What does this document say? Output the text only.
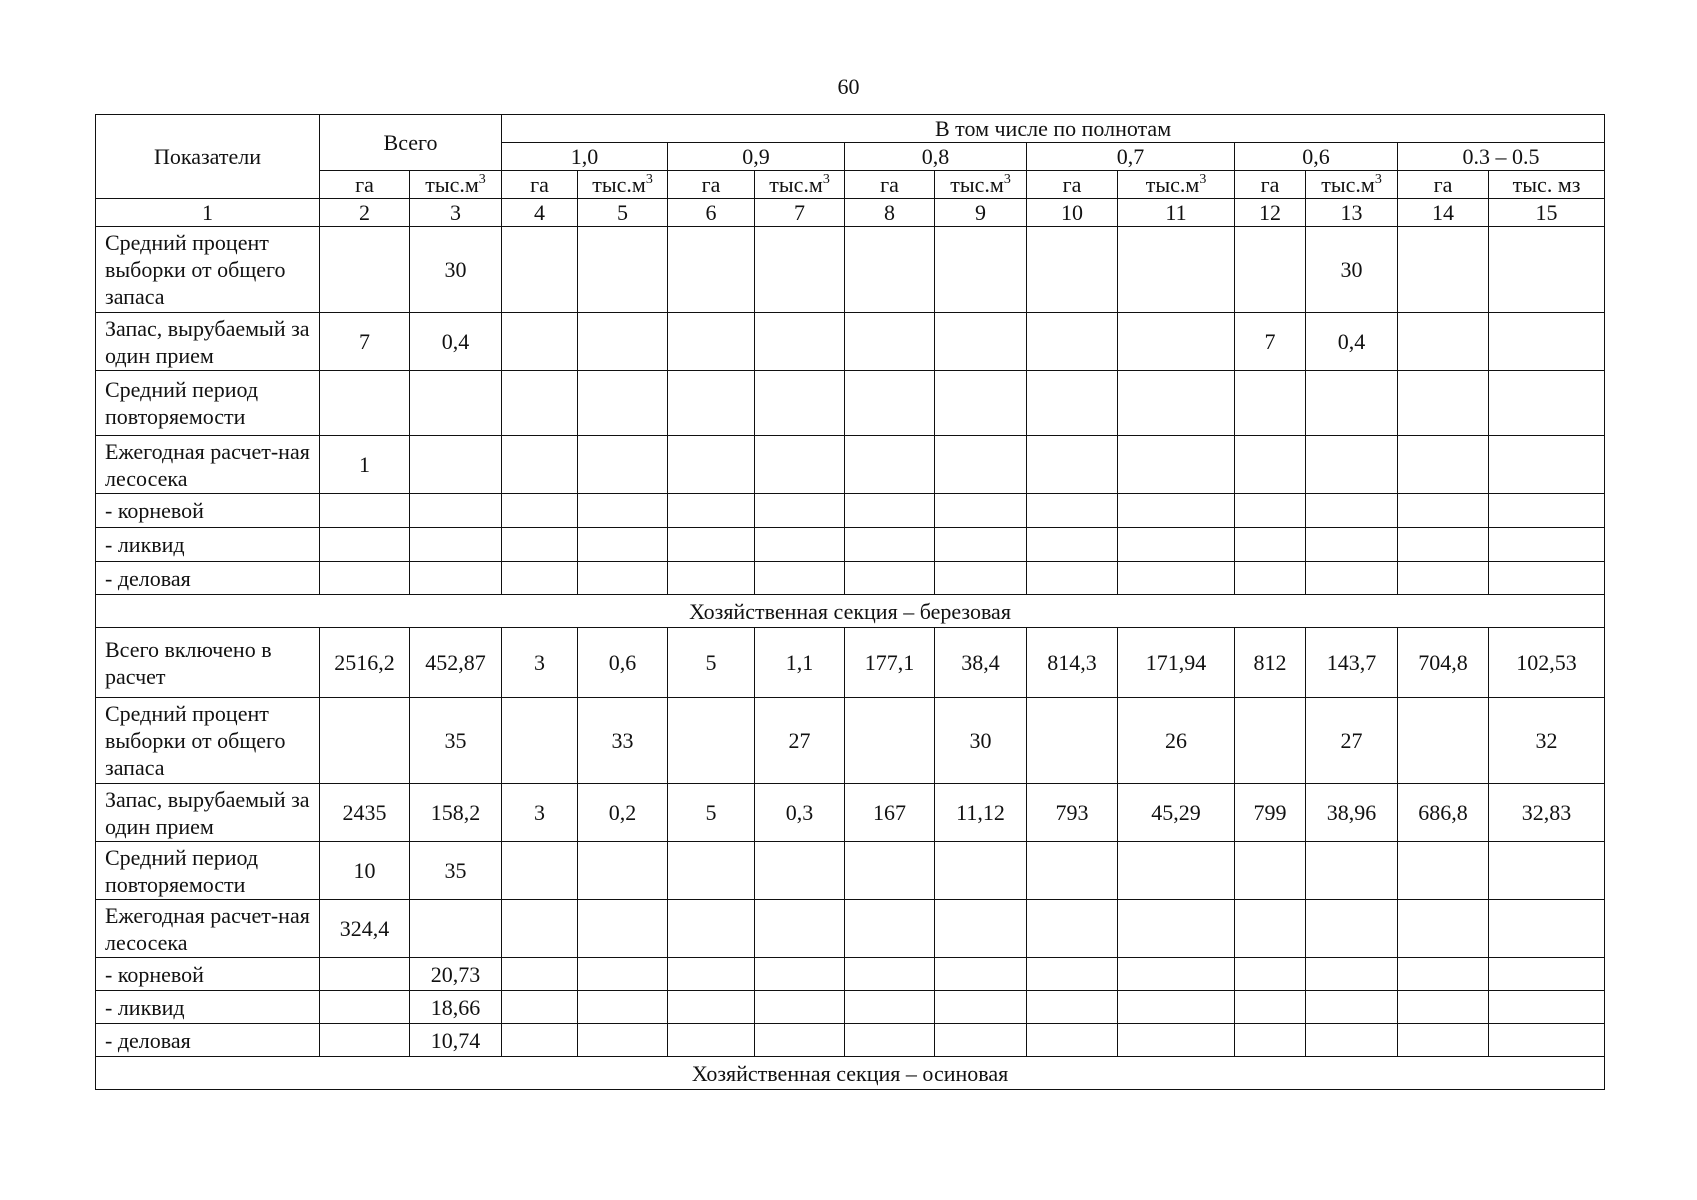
60
Показатели	Всего		В том числе по полнотам											
			1,0		0,9		0,8		0,7		0,6		0.3 – 0.5	
	га	$тыс.м^3$	га	$тыс.м^3$	га	$тыс.м^3$	га	$тыс.м^3$	га	$тыс.м^3$	га	$тыс.м^3$	га	тыс. мз
1	2	3	4	5	6	7	8	9	10	11	12	13	14	15
Средний процент выборки от общего запаса		30										30		
Запас, вырубаемый за один прием	7	0,4									7	0,4		
Средний период повторяемости														
Ежегодная расчет-ная лесосека	1													
- корневой														
- ликвид														
- деловая														
Хозяйственная секция – березовая														
Всего включено в расчет	2516,2	452,87	3	0,6	5	1,1	177,1	38,4	814,3	171,94	812	143,7	704,8	102,53
Средний процент выборки от общего запаса		35		33		27		30		26		27		32
Запас, вырубаемый за один прием	2435	158,2	3	0,2	5	0,3	167	11,12	793	45,29	799	38,96	686,8	32,83
Средний период повторяемости	10	35												
Ежегодная расчет-ная лесосека	324,4													
- корневой		20,73												
- ликвид		18,66												
- деловая		10,74												
Хозяйственная секция – осиновая														
